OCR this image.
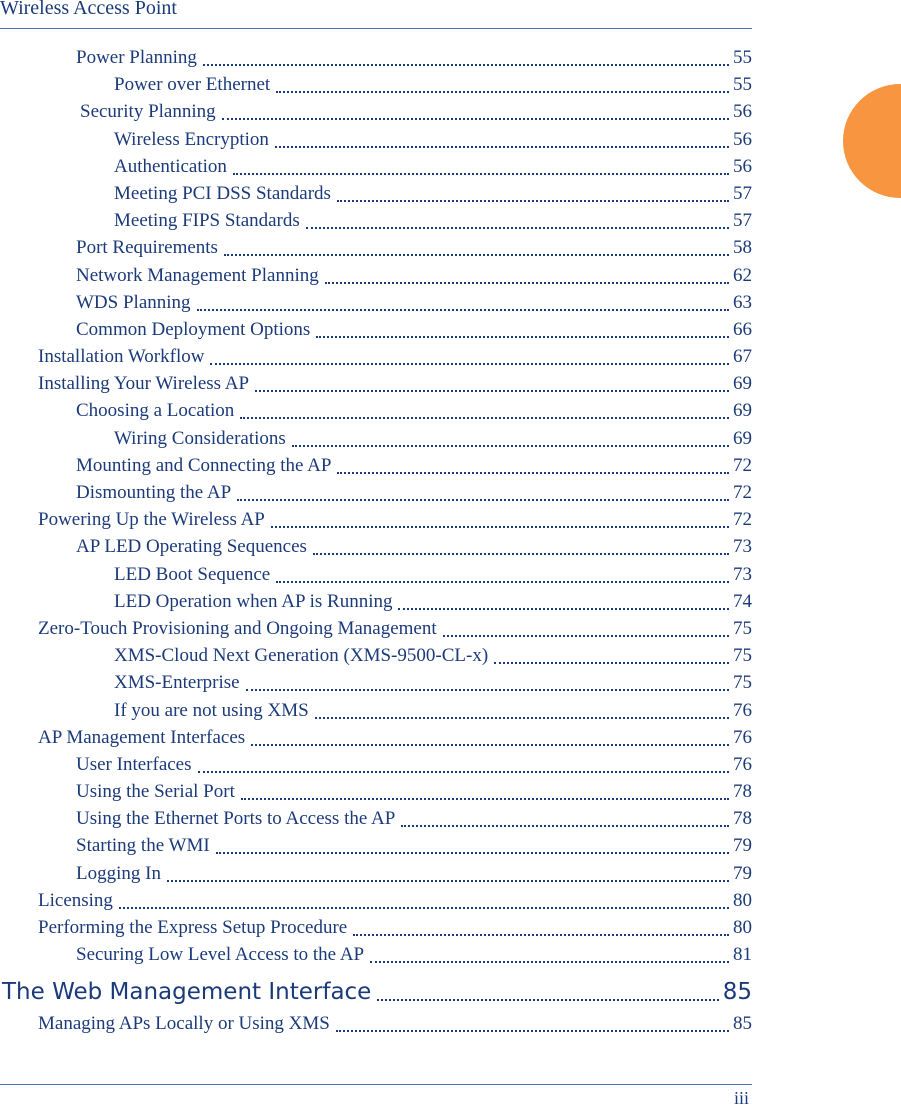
Wireless Access Point
Power Planning	55
Power over Ethernet	55
Security Planning	56
Wireless Encryption	56
Authentication	56
Meeting PCI DSS Standards	57
Meeting FIPS Standards	57
Port Requirements	58
Network Management Planning	62
WDS Planning	63
Common Deployment Options	66
Installation Workflow	67
Installing Your Wireless AP	69
Choosing a Location	69
Wiring Considerations	69
Mounting and Connecting the AP	72
Dismounting the AP	72
Powering Up the Wireless AP	72
AP LED Operating Sequences	73
LED Boot Sequence	73
LED Operation when AP is Running	74
Zero-Touch Provisioning and Ongoing Management	75
XMS-Cloud Next Generation (XMS-9500-CL-x)	75
XMS-Enterprise	75
If you are not using XMS	76
AP Management Interfaces	76
User Interfaces	76
Using the Serial Port	78
Using the Ethernet Ports to Access the AP	78
Starting the WMI	79
Logging In	79
Licensing	80
Performing the Express Setup Procedure	80
Securing Low Level Access to the AP	81
The Web Management Interface	85
Managing APs Locally or Using XMS	85
iii
